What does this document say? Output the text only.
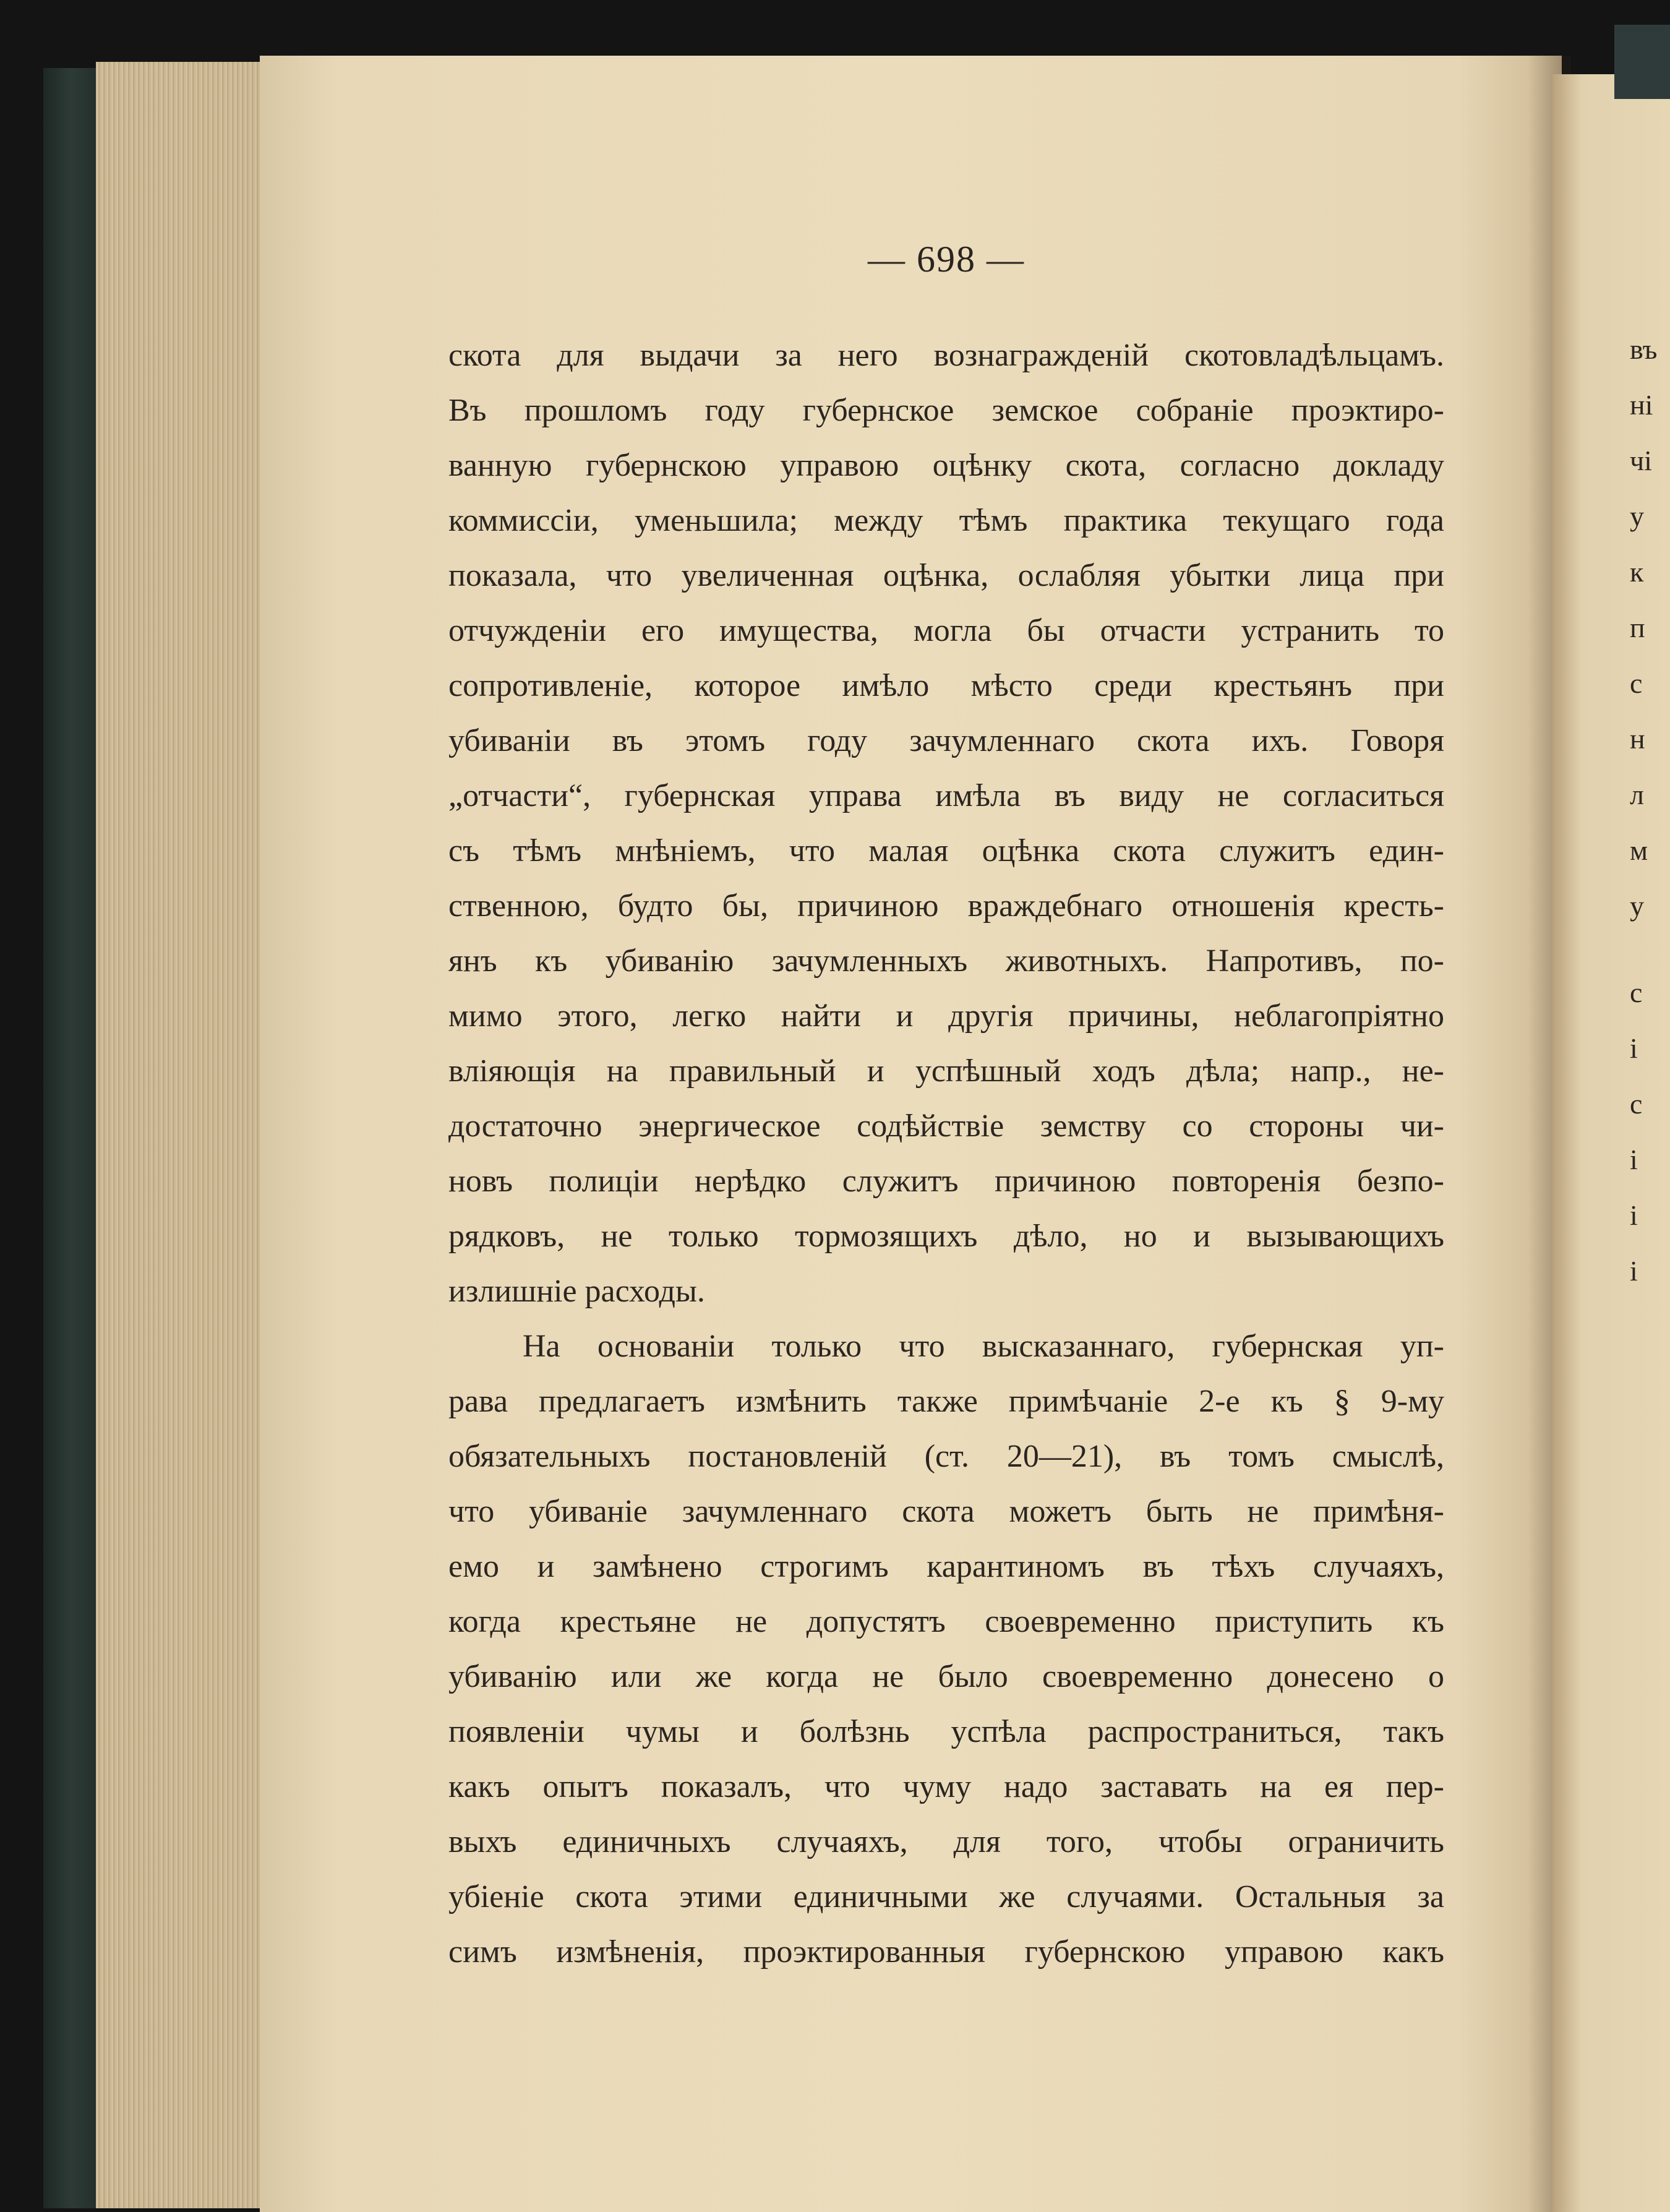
въ
ні
чі
у
к
п
с
н
л
м
у
с
і
с
і
і
і
— 698 —
скота для выдачи за него вознагражденій скотовладѣльцамъ.
Въ прошломъ году губернское земское собраніе проэктиро-
ванную губернскою управою оцѣнку скота, согласно докладу
коммиссіи, уменьшила; между тѣмъ практика текущаго года
показала, что увеличенная оцѣнка, ослабляя убытки лица при
отчужденіи его имущества, могла бы отчасти устранить то
сопротивленіе, которое имѣло мѣсто среди крестьянъ при
убиваніи въ этомъ году зачумленнаго скота ихъ. Говоря
„отчасти“, губернская управа имѣла въ виду не согласиться
съ тѣмъ мнѣніемъ, что малая оцѣнка скота служитъ един-
ственною, будто бы, причиною враждебнаго отношенія кресть-
янъ къ убиванію зачумленныхъ животныхъ. Напротивъ, по-
мимо этого, легко найти и другія причины, неблагопріятно
вліяющія на правильный и успѣшный ходъ дѣла; напр., не-
достаточно энергическое содѣйствіе земству со стороны чи-
новъ полиціи нерѣдко служитъ причиною повторенія безпо-
рядковъ, не только тормозящихъ дѣло, но и вызывающихъ
излишніе расходы.
На основаніи только что высказаннаго, губернская уп-
рава предлагаетъ измѣнить также примѣчаніе 2-е къ § 9-му
обязательныхъ постановленій (ст. 20—21), въ томъ смыслѣ,
что убиваніе зачумленнаго скота можетъ быть не примѣня-
емо и замѣнено строгимъ карантиномъ въ тѣхъ случаяхъ,
когда крестьяне не допустятъ своевременно приступить къ
убиванію или же когда не было своевременно донесено о
появленіи чумы и болѣзнь успѣла распространиться, такъ
какъ опытъ показалъ, что чуму надо заставать на ея пер-
выхъ единичныхъ случаяхъ, для того, чтобы ограничить
убіеніе скота этими единичными же случаями. Остальныя за
симъ измѣненія, проэктированныя губернскою управою какъ
